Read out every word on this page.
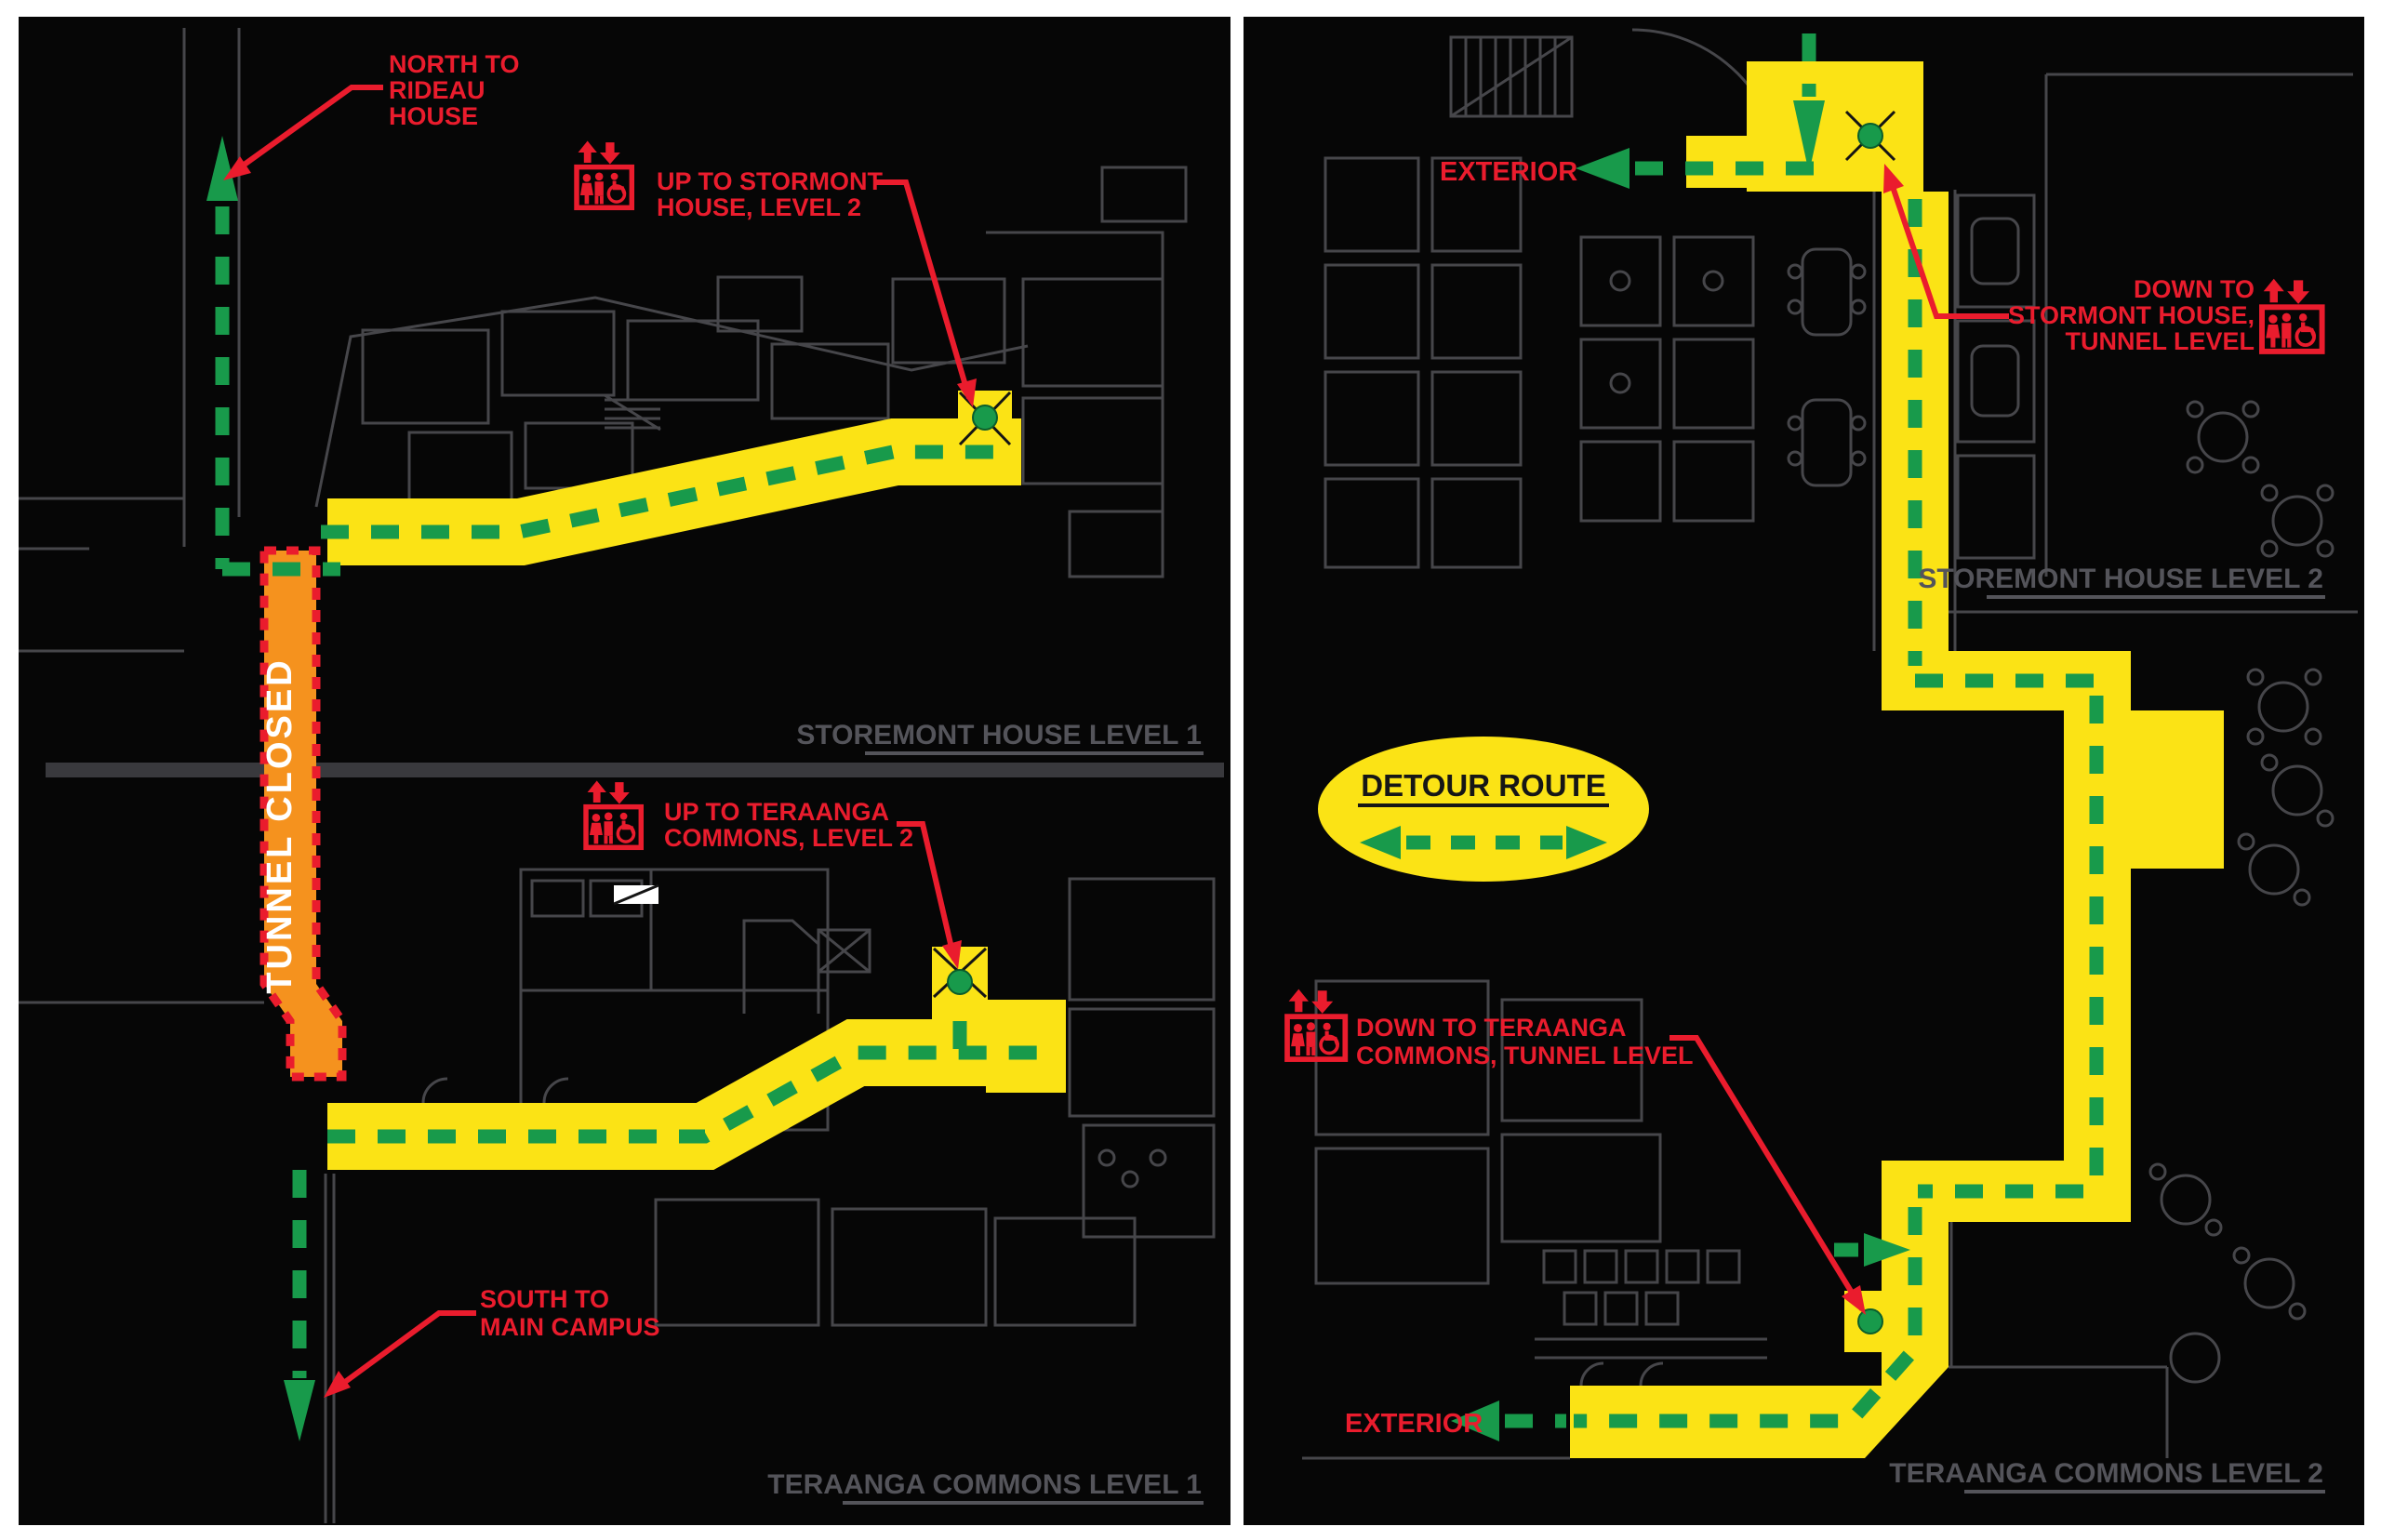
TUNNEL CLOSED
NORTH TO
RIDEAU
HOUSE
UP TO STORMONT
HOUSE, LEVEL 2
UP TO TERAANGA
COMMONS, LEVEL 2
SOUTH TO
MAIN CAMPUS
STOREMONT HOUSE LEVEL 1
TERAANGA COMMONS LEVEL 1
EXTERIOR
EXTERIOR
DOWN TO
STORMONT HOUSE,
TUNNEL LEVEL
DOWN TO TERAANGA
COMMONS, TUNNEL LEVEL
DETOUR ROUTE
STOREMONT HOUSE LEVEL 2
TERAANGA COMMONS LEVEL 2
